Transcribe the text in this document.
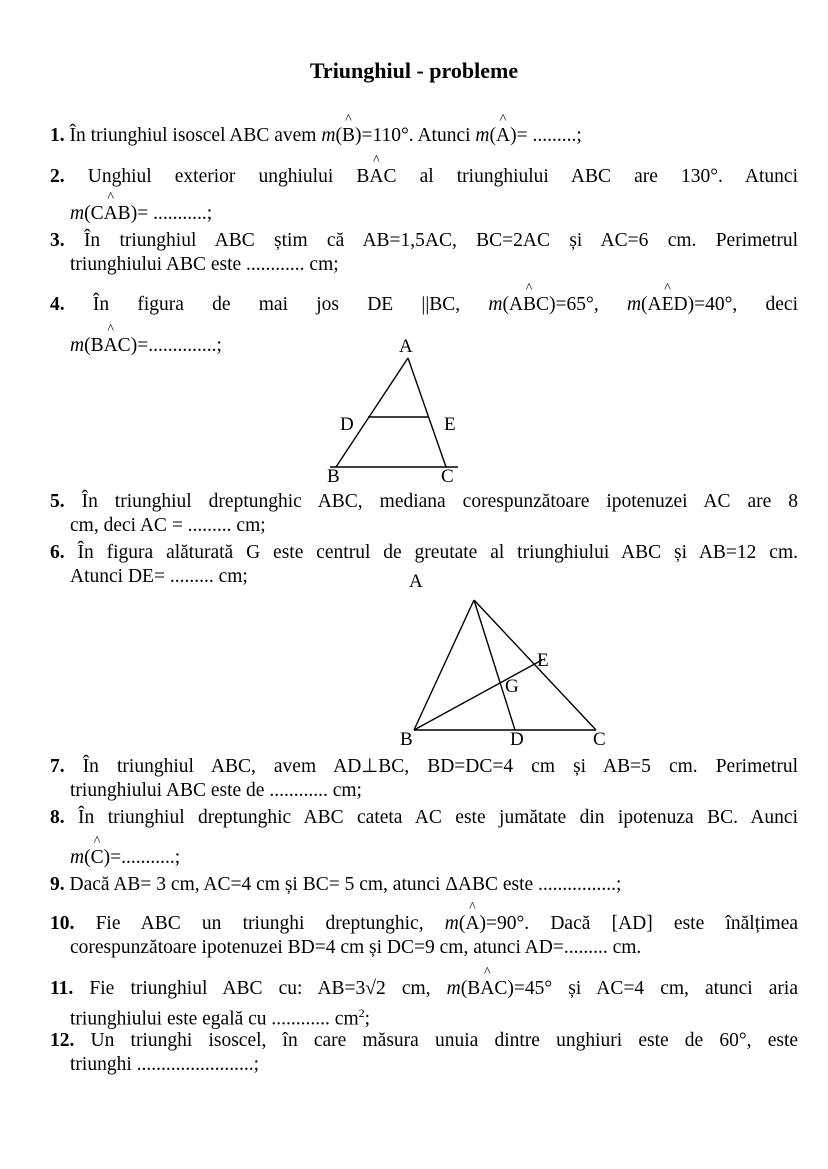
Triunghiul - probleme
1. În triunghiul isoscel ABC avem m(^ B)=110°. Atunci m(^ A)= .........;
2. Unghiul exterior unghiului ^ BAC al triunghiului ABC are 130°. Atunci
m(^ CAB)= ...........;
3. În triunghiul ABC știm că AB=1,5AC, BC=2AC și AC=6 cm. Perimetrul
triunghiului ABC este ............ cm;
4. În figura de mai jos DE ||BC, m(^ ABC)=65°, m(^ AED)=40°, deci
m(^ BAC)=..............;	A
D	E
B	C
5. În triunghiul dreptunghic ABC, mediana corespunzătoare ipotenuzei AC are 8
cm, deci AC = ......... cm;
6. În figura alăturată G este centrul de greutate al triunghiului ABC și AB=12 cm.
Atunci DE= ......... cm;	A
E
G
B	D	C
7. În triunghiul ABC, avem AD⊥BC, BD=DC=4 cm și AB=5 cm. Perimetrul
triunghiului ABC este de ............ cm;
8. În triunghiul dreptunghic ABC cateta AC este jumătate din ipotenuza BC. Aunci
m(^ C)=...........;
9. Dacă AB= 3 cm, AC=4 cm și BC= 5 cm, atunci ΔABC este ................;
10. Fie ABC un triunghi dreptunghic, m(^ A)=90°. Dacă [AD] este înălțimea
corespunzătoare ipotenuzei BD=4 cm și DC=9 cm, atunci AD=......... cm.
11. Fie triunghiul ABC cu: AB=3√2 cm, m(^ BAC)=45° și AC=4 cm, atunci aria
triunghiului este egală cu ............ $cm^2$;
12. Un triunghi isoscel, în care măsura unuia dintre unghiuri este de 60°, este
triunghi ........................;
